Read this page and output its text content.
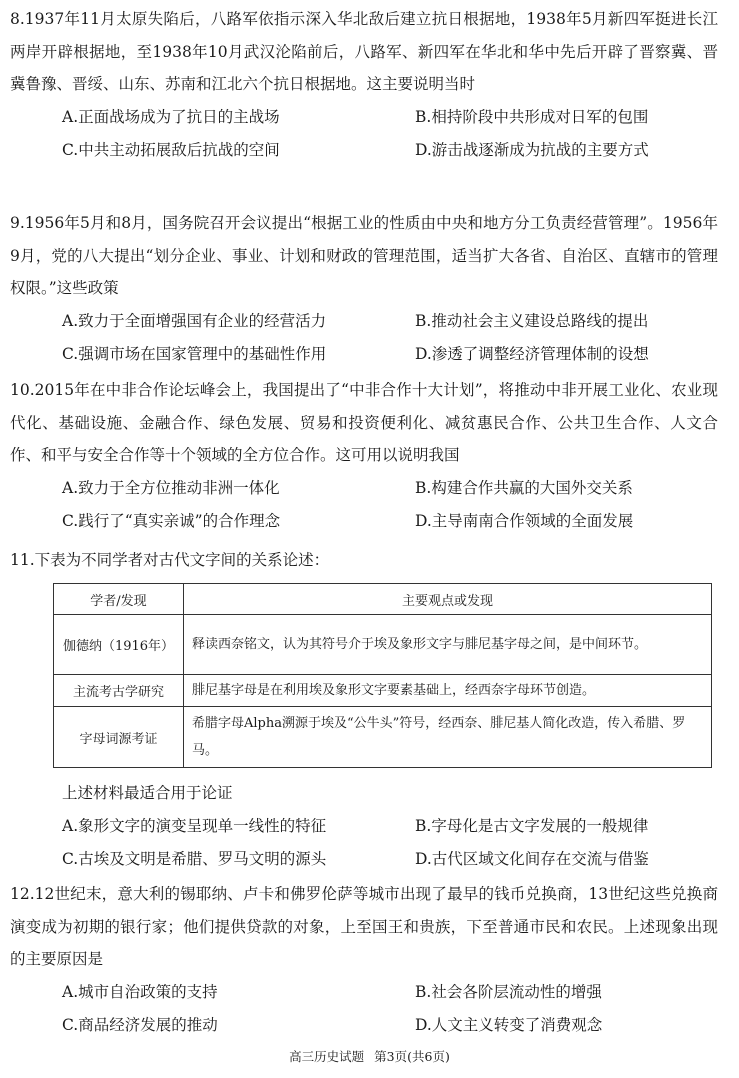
8.1937年11月太原失陷后，八路军依指示深入华北敌后建立抗日根据地，1938年5月新四军挺进长江两岸开辟根据地，至1938年10月武汉沦陷前后，八路军、新四军在华北和华中先后开辟了晋察冀、晋冀鲁豫、晋绥、山东、苏南和江北六个抗日根据地。这主要说明当时
A.正面战场成为了抗日的主战场	B.相持阶段中共形成对日军的包围
C.中共主动拓展敌后抗战的空间	D.游击战逐渐成为抗战的主要方式
9.1956年5月和8月，国务院召开会议提出“根据工业的性质由中央和地方分工负责经营管理”。1956年9月，党的八大提出“划分企业、事业、计划和财政的管理范围，适当扩大各省、自治区、直辖市的管理权限。”这些政策
A.致力于全面增强国有企业的经营活力	B.推动社会主义建设总路线的提出
C.强调市场在国家管理中的基础性作用	D.渗透了调整经济管理体制的设想
10.2015年在中非合作论坛峰会上，我国提出了“中非合作十大计划”，将推动中非开展工业化、农业现代化、基础设施、金融合作、绿色发展、贸易和投资便利化、减贫惠民合作、公共卫生合作、人文合作、和平与安全合作等十个领域的全方位合作。这可用以说明我国
A.致力于全方位推动非洲一体化	B.构建合作共赢的大国外交关系
C.践行了“真实亲诚”的合作理念	D.主导南南合作领域的全面发展
11.下表为不同学者对古代文字间的关系论述：
学者/发现	主要观点或发现
伽德纳（1916年）	释读西奈铭文，认为其符号介于埃及象形文字与腓尼基字母之间，是中间环节。
主流考古学研究	腓尼基字母是在利用埃及象形文字要素基础上，经西奈字母环节创造。
字母词源考证	希腊字母Alpha溯源于埃及“公牛头”符号，经西奈、腓尼基人简化改造，传入希腊、罗马。
上述材料最适合用于论证
A.象形文字的演变呈现单一线性的特征	B.字母化是古文字发展的一般规律
C.古埃及文明是希腊、罗马文明的源头	D.古代区域文化间存在交流与借鉴
12.12世纪末，意大利的锡耶纳、卢卡和佛罗伦萨等城市出现了最早的钱币兑换商，13世纪这些兑换商演变成为初期的银行家；他们提供贷款的对象，上至国王和贵族，下至普通市民和农民。上述现象出现的主要原因是
A.城市自治政策的支持	B.社会各阶层流动性的增强
C.商品经济发展的推动	D.人文主义转变了消费观念
高三历史试题 第3页(共6页)
